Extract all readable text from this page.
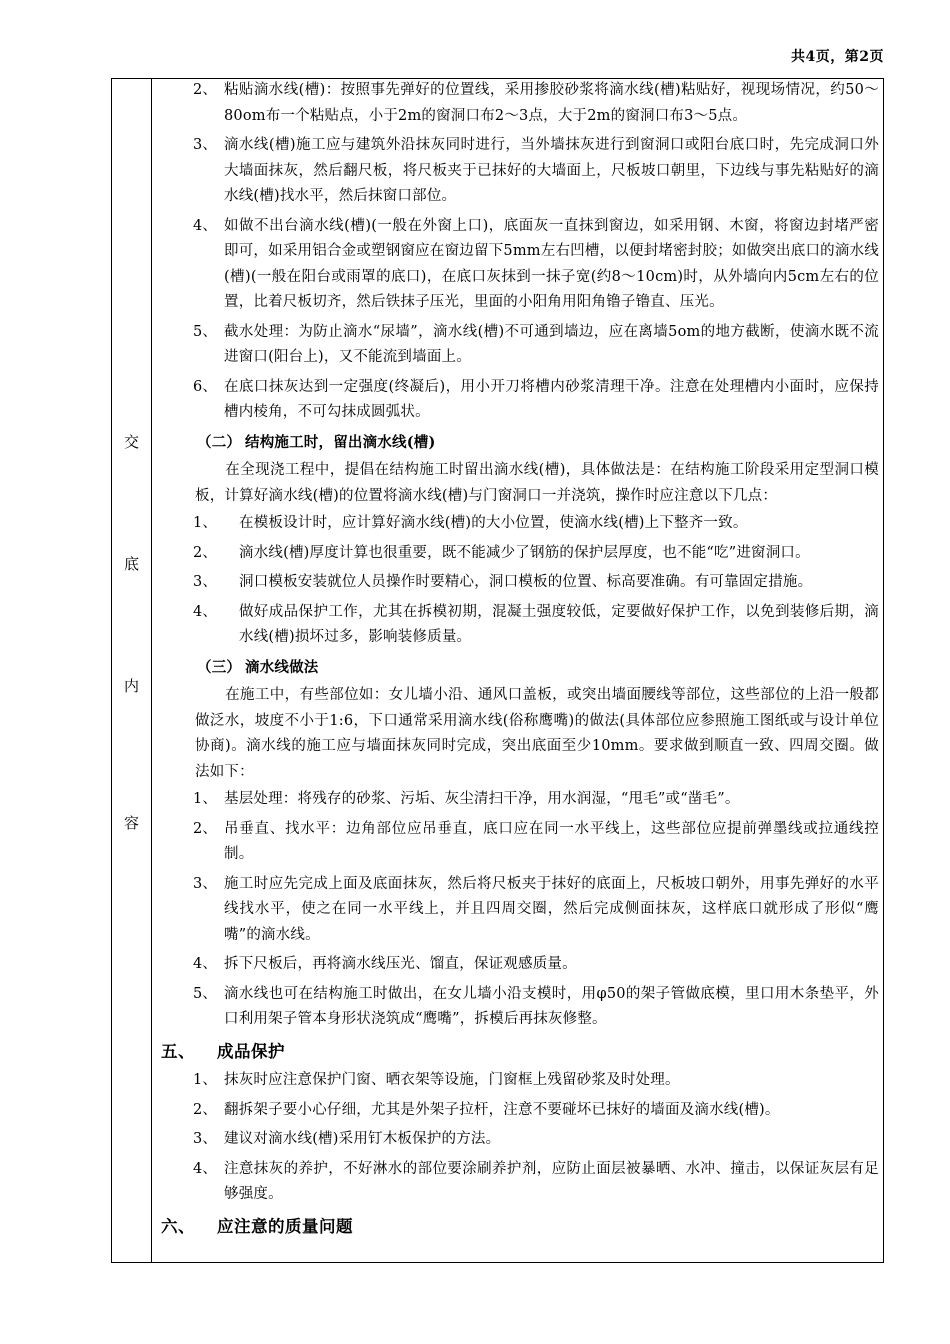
共4页，第2页
交
底
内
容
2、 粘贴滴水线(槽)：按照事先弹好的位置线，采用掺胶砂浆将滴水线(槽)粘贴好，视现场情况，约50～80om布一个粘贴点，小于2m的窗洞口布2～3点，大于2m的窗洞口布3～5点。
3、 滴水线(槽)施工应与建筑外沿抹灰同时进行，当外墙抹灰进行到窗洞口或阳台底口时，先完成洞口外大墙面抹灰，然后翻尺板，将尺板夹于已抹好的大墙面上，尺板坡口朝里，下边线与事先粘贴好的滴水线(槽)找水平，然后抹窗口部位。
4、 如做不出台滴水线(槽)(一般在外窗上口)，底面灰一直抹到窗边，如采用钢、木窗，将窗边封堵严密即可，如采用铝合金或塑钢窗应在窗边留下5mm左右凹槽，以便封堵密封胶；如做突出底口的滴水线(槽)(一般在阳台或雨罩的底口)，在底口灰抹到一抹子宽(约8～10cm)时，从外墙向内5cm左右的位置，比着尺板切齐，然后铁抹子压光，里面的小阳角用阳角镥子镥直、压光。
5、 截水处理：为防止滴水“尿墙”，滴水线(槽)不可通到墙边，应在离墙5om的地方截断，使滴水既不流进窗口(阳台上)，又不能流到墙面上。
6、 在底口抹灰达到一定强度(终凝后)，用小开刀将槽内砂浆清理干净。注意在处理槽内小面时，应保持槽内棱角，不可勾抹成圆弧状。
（二） 结构施工时，留出滴水线(槽)
在全现浇工程中，提倡在结构施工时留出滴水线(槽)，具体做法是：在结构施工阶段采用定型洞口模板，计算好滴水线(槽)的位置将滴水线(槽)与门窗洞口一并浇筑，操作时应注意以下几点：
1、	在模板设计时，应计算好滴水线(槽)的大小位置，使滴水线(槽)上下整齐一致。
2、	滴水线(槽)厚度计算也很重要，既不能减少了钢筋的保护层厚度，也不能“吃”进窗洞口。
3、	洞口模板安装就位人员操作时要精心，洞口模板的位置、标高要准确。有可靠固定措施。
4、	做好成品保护工作，尤其在拆模初期，混凝土强度较低，定要做好保护工作，以免到装修后期，滴水线(槽)损坏过多，影响装修质量。
（三） 滴水线做法
在施工中，有些部位如：女儿墙小沿、通风口盖板，或突出墙面腰线等部位，这些部位的上沿一般都做泛水，坡度不小于1:6，下口通常采用滴水线(俗称鹰嘴)的做法(具体部位应参照施工图纸或与设计单位协商)。滴水线的施工应与墙面抹灰同时完成，突出底面至少10mm。要求做到顺直一致、四周交圈。做法如下：
1、 基层处理：将残存的砂浆、污垢、灰尘清扫干净，用水润湿，“甩毛”或“凿毛”。
2、 吊垂直、找水平：边角部位应吊垂直，底口应在同一水平线上，这些部位应提前弹墨线或拉通线控制。
3、 施工时应先完成上面及底面抹灰，然后将尺板夹于抹好的底面上，尺板坡口朝外，用事先弹好的水平线找水平，使之在同一水平线上，并且四周交圈，然后完成侧面抹灰，这样底口就形成了形似“鹰嘴”的滴水线。
4、 拆下尺板后，再将滴水线压光、馏直，保证观感质量。
5、 滴水线也可在结构施工时做出，在女儿墙小沿支模时，用φ50的架子管做底模，里口用木条垫平，外口利用架子管本身形状浇筑成“鹰嘴”，拆模后再抹灰修整。
五、 成品保护
1、 抹灰时应注意保护门窗、晒衣架等设施，门窗框上残留砂浆及时处理。
2、 翻拆架子要小心仔细，尤其是外架子拉杆，注意不要碰坏已抹好的墙面及滴水线(槽)。
3、 建议对滴水线(槽)采用钉木板保护的方法。
4、 注意抹灰的养护，不好淋水的部位要涂刷养护剂，应防止面层被暴晒、水冲、撞击，以保证灰层有足够强度。
六、 应注意的质量问题
